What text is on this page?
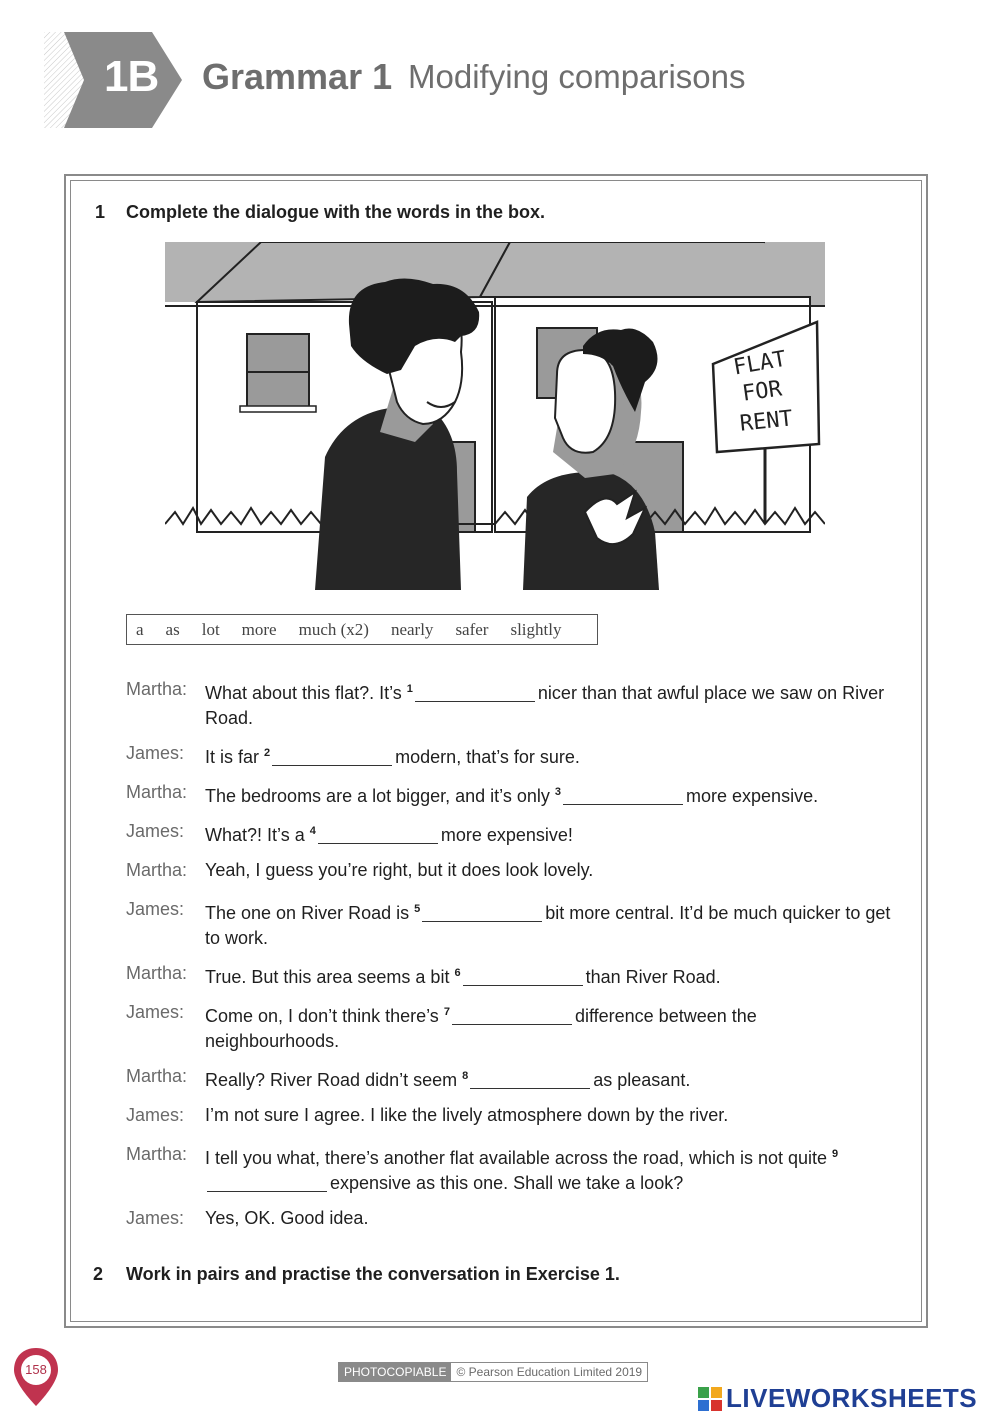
1B Grammar 1 Modifying comparisons
1 Complete the dialogue with the words in the box.
FLAT
FOR
RENT
a as lot more much (x2) nearly safer slightly
Martha: What about this flat?. It’s $^1$	nicer than that awful place we saw on River Road.
James: It is far $^2$	modern, that’s for sure.
Martha: The bedrooms are a lot bigger, and it’s only $^3$	more expensive.
James: What?! It’s a $^4$	more expensive!
Martha: Yeah, I guess you’re right, but it does look lovely.
James: The one on River Road is $^5$	bit more central. It’d be much quicker to get to work.
Martha: True. But this area seems a bit $^6$	than River Road.
James: Come on, I don’t think there’s $^7$	difference between the neighbourhoods.
Martha: Really? River Road didn’t seem $^8$	as pleasant.
James: I’m not sure I agree. I like the lively atmosphere down by the river.
Martha: I tell you what, there’s another flat available across the road, which is not quite $^9$expensive as this one. Shall we take a look?
James: Yes, OK. Good idea.
2 Work in pairs and practise the conversation in Exercise 1.
158	PHOTOCOPIABLE © Pearson Education Limited 2019
LIVEWORKSHEETS
